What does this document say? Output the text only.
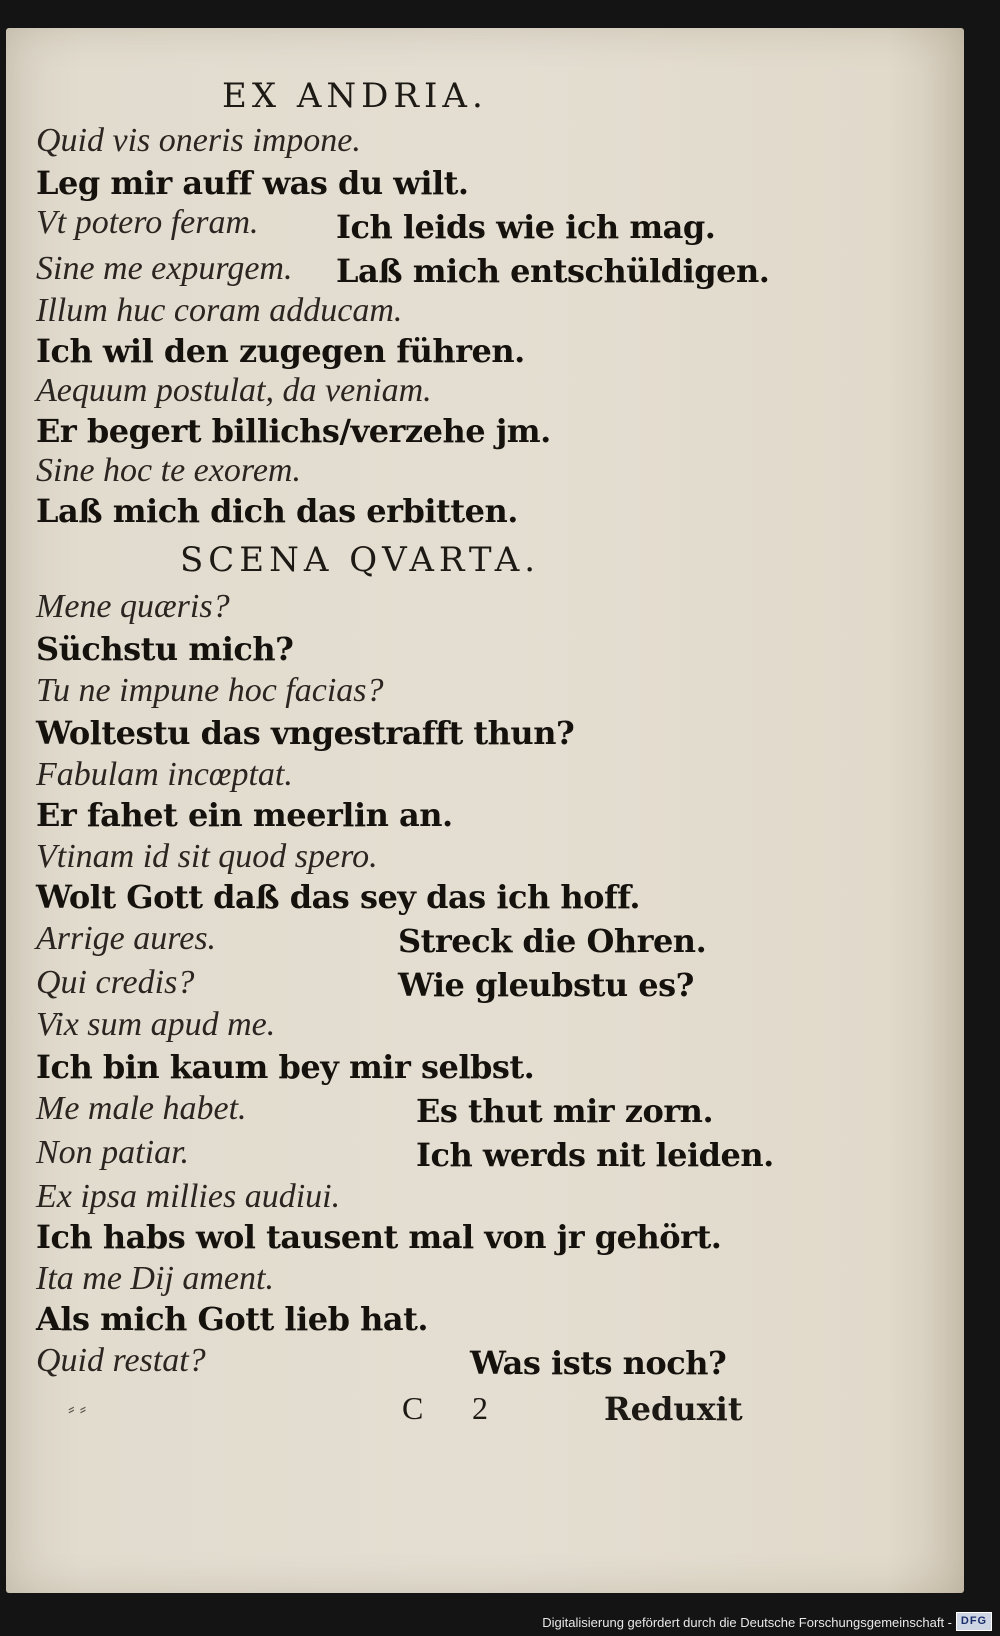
EX ANDRIA.
Quid vis oneris impone.
Leg mir auff was du wilt.
Vt potero feram. Ich leids wie ich mag.
Sine me expurgem. Laß mich entschüldigen.
Illum huc coram adducam.
Ich wil den zugegen führen.
Aequum postulat, da veniam.
Er begert billichs/verzehe jm.
Sine hoc te exorem.
Laß mich dich das erbitten.
SCENA QVARTA.
Mene quæris?
Süchstu mich?
Tu ne impune hoc facias?
Woltestu das vngestrafft thun?
Fabulam incœptat.
Er fahet ein meerlin an.
Vtinam id sit quod spero.
Wolt Gott daß das sey das ich hoff.
Arrige aures.	Streck die Ohren.
Qui credis?	Wie gleubstu es?
Vix sum apud me.
Ich bin kaum bey mir selbst.
Me male habet.	Es thut mir zorn.
Non patiar.	Ich werds nit leiden.
Ex ipsa millies audiui.
Ich habs wol tausent mal von jr gehört.
Ita me Dij ament.
Als mich Gott lieb hat.
Quid restat?	Was ists noch?
⸗ ⸗	C 2	Reduxit
Digitalisierung gefördert durch die Deutsche Forschungsgemeinschaft - DFG
